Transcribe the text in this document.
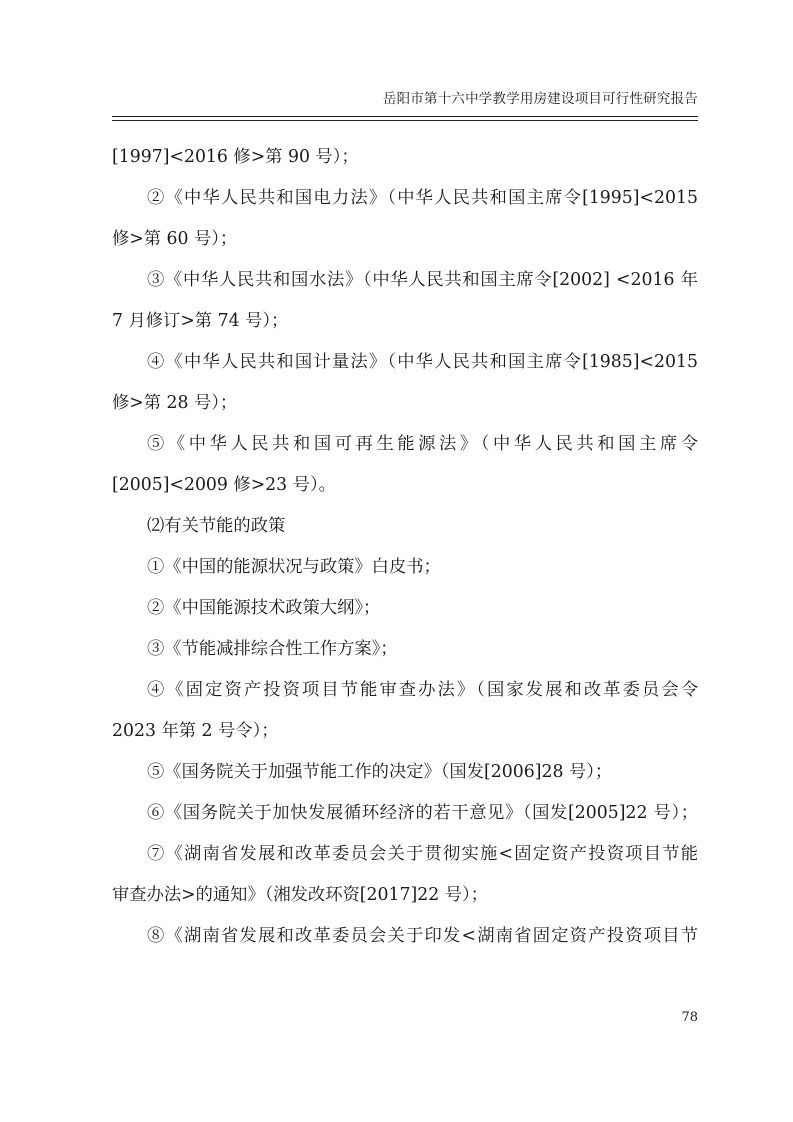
岳阳市第十六中学教学用房建设项目可行性研究报告
[1997]<2016 修>第 90 号）；
②《中华人民共和国电力法》（中华人民共和国主席令[1995]<2015
修>第 60 号）；
③《中华人民共和国水法》（中华人民共和国主席令[2002] <2016 年
7 月修订>第 74 号）；
④《中华人民共和国计量法》（中华人民共和国主席令[1985]<2015
修>第 28 号）；
⑤《中华人民共和国可再生能源法》（中华人民共和国主席令
[2005]<2009 修>23 号）。
⑵有关节能的政策
①《中国的能源状况与政策》白皮书；
②《中国能源技术政策大纲》；
③《节能减排综合性工作方案》；
④《固定资产投资项目节能审查办法》（国家发展和改革委员会令
2023 年第 2 号令）；
⑤《国务院关于加强节能工作的决定》（国发[2006]28 号）；
⑥《国务院关于加快发展循环经济的若干意见》（国发[2005]22 号）；
⑦《湖南省发展和改革委员会关于贯彻实施<固定资产投资项目节能
审查办法>的通知》（湘发改环资[2017]22 号）；
⑧《湖南省发展和改革委员会关于印发<湖南省固定资产投资项目节
78
